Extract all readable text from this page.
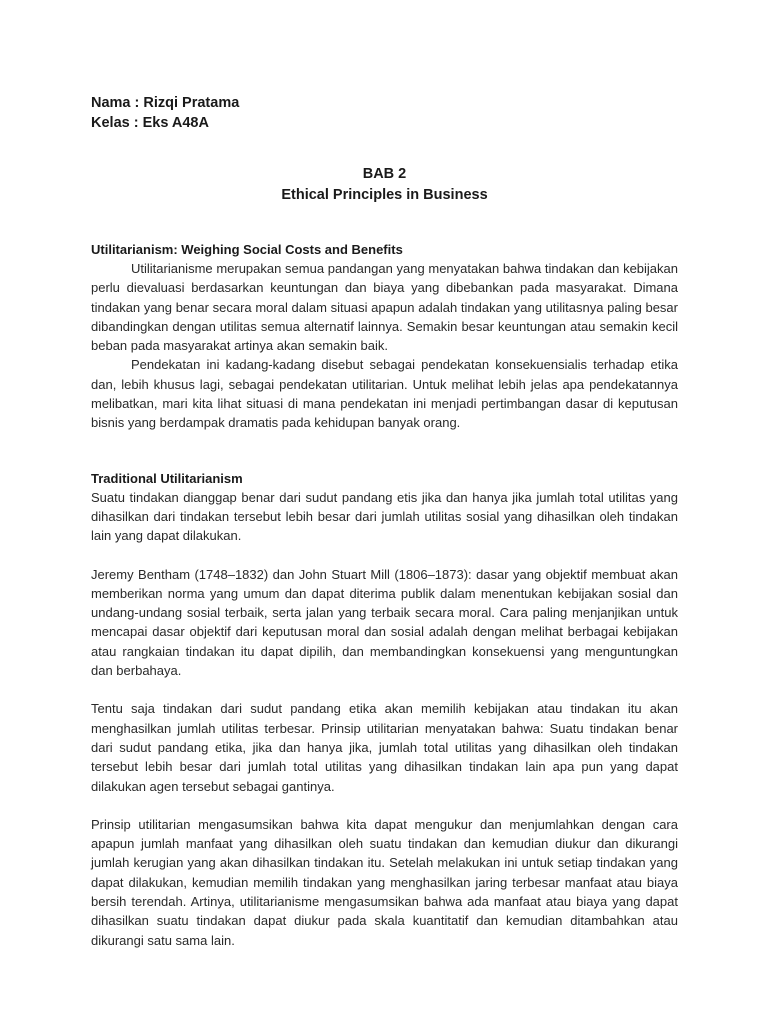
Nama : Rizqi Pratama
Kelas : Eks A48A
BAB 2
Ethical Principles in Business
Utilitarianism: Weighing Social Costs and Benefits

Utilitarianisme merupakan semua pandangan yang menyatakan bahwa tindakan dan kebijakan perlu dievaluasi berdasarkan keuntungan dan biaya yang dibebankan pada masyarakat. Dimana tindakan yang benar secara moral dalam situasi apapun adalah tindakan yang utilitasnya paling besar dibandingkan dengan utilitas semua alternatif lainnya. Semakin besar keuntungan atau semakin kecil beban pada masyarakat artinya akan semakin baik.

Pendekatan ini kadang-kadang disebut sebagai pendekatan konsekuensialis terhadap etika dan, lebih khusus lagi, sebagai pendekatan utilitarian. Untuk melihat lebih jelas apa pendekatannya melibatkan, mari kita lihat situasi di mana pendekatan ini menjadi pertimbangan dasar di keputusan bisnis yang berdampak dramatis pada kehidupan banyak orang.

Traditional Utilitarianism

Suatu tindakan dianggap benar dari sudut pandang etis jika dan hanya jika jumlah total utilitas yang dihasilkan dari tindakan tersebut lebih besar dari jumlah utilitas sosial yang dihasilkan oleh tindakan lain yang dapat dilakukan.

Jeremy Bentham (1748–1832) dan John Stuart Mill (1806–1873): dasar yang objektif membuat akan memberikan norma yang umum dan dapat diterima publik dalam menentukan kebijakan sosial dan undang-undang sosial terbaik, serta jalan yang terbaik secara moral. Cara paling menjanjikan untuk mencapai dasar objektif dari keputusan moral dan sosial adalah dengan melihat berbagai kebijakan atau rangkaian tindakan itu dapat dipilih, dan membandingkan konsekuensi yang menguntungkan dan berbahaya.

Tentu saja tindakan dari sudut pandang etika akan memilih kebijakan atau tindakan itu akan menghasilkan jumlah utilitas terbesar. Prinsip utilitarian menyatakan bahwa: Suatu tindakan benar dari sudut pandang etika, jika dan hanya jika, jumlah total utilitas yang dihasilkan oleh tindakan tersebut lebih besar dari jumlah total utilitas yang dihasilkan tindakan lain apa pun yang dapat dilakukan agen tersebut sebagai gantinya.

Prinsip utilitarian mengasumsikan bahwa kita dapat mengukur dan menjumlahkan dengan cara apapun jumlah manfaat yang dihasilkan oleh suatu tindakan dan kemudian diukur dan dikurangi jumlah kerugian yang akan dihasilkan tindakan itu. Setelah melakukan ini untuk setiap tindakan yang dapat dilakukan, kemudian memilih tindakan yang menghasilkan jaring terbesar manfaat atau biaya bersih terendah. Artinya, utilitarianisme mengasumsikan bahwa ada manfaat atau biaya yang dapat dihasilkan suatu tindakan dapat diukur pada skala kuantitatif dan kemudian ditambahkan atau dikurangi satu sama lain.
